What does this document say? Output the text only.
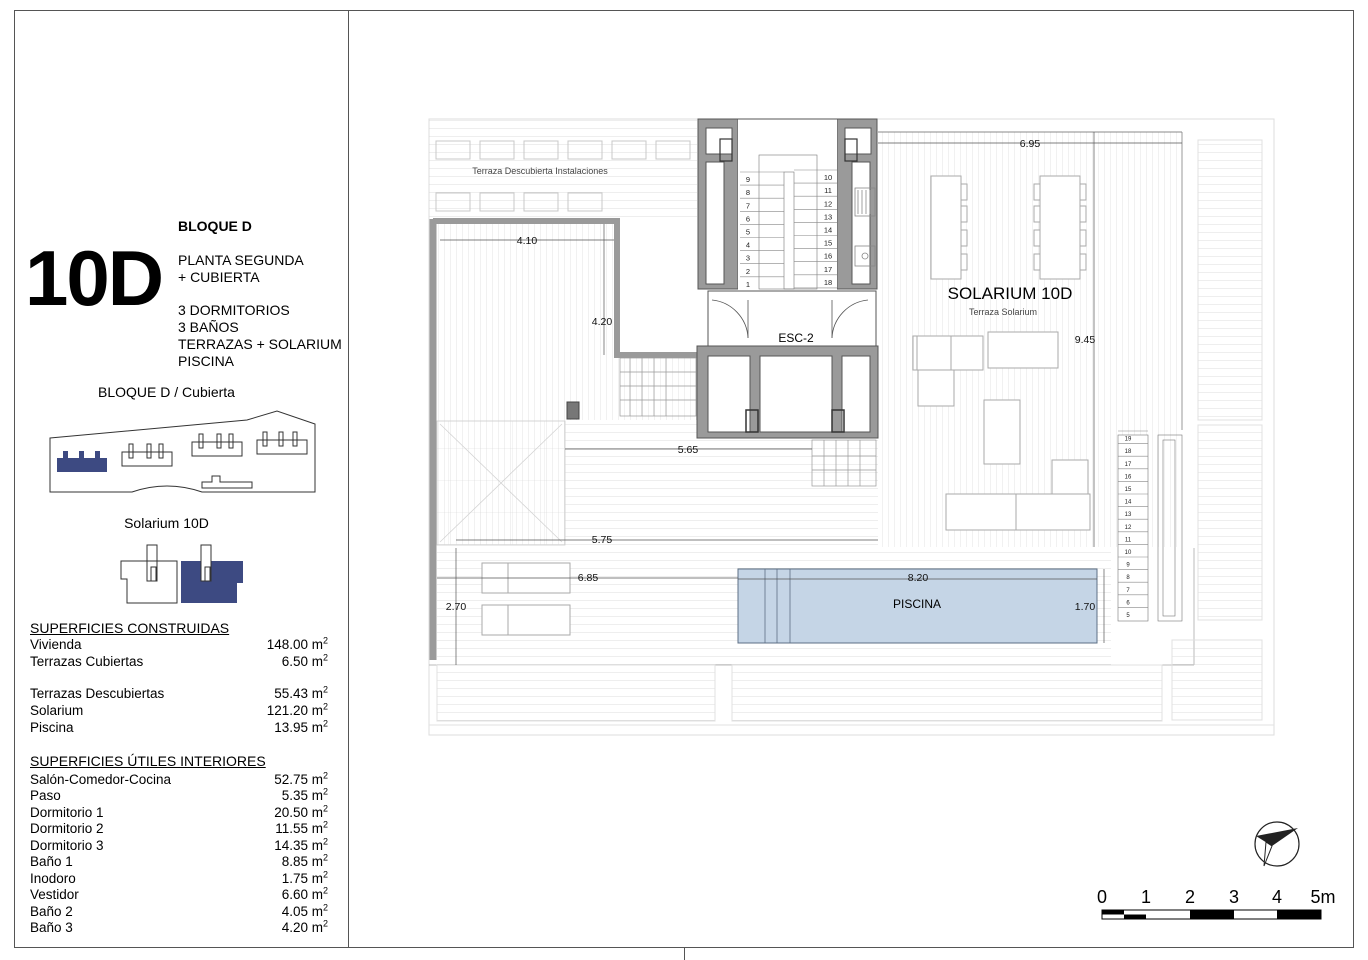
BLOQUE D
10D PLANTA SEGUNDA
+ CUBIERTA
3 DORMITORIOS
3 BAÑOS
TERRAZAS + SOLARIUM
PISCINA
BLOQUE D / Cubierta
Solarium 10D
SUPERFICIES CONSTRUIDAS
Vivienda	148.00 $m^2$
Terrazas Cubiertas	6.50 $m^2$
Terrazas Descubiertas	55.43 $m^2$
Solarium	121.20 $m^2$
Piscina	13.95 $m^2$
SUPERFICIES ÚTILES INTERIORES
Salón-Comedor-Cocina	52.75 $m^2$
Paso	5.35 $m^2$
Dormitorio 1	20.50 $m^2$
Dormitorio 2	11.55 $m^2$
Dormitorio 3	14.35 $m^2$
Baño 1	8.85 $m^2$
Inodoro	1.75 $m^2$
Vestidor	6.60 $m^2$
Baño 2	4.05 $m^2$
Baño 3	4.20 $m^2$
Terraza Descubierta Instalaciones
9
8
7
6
5
4
3
2
1
10
11
12
13
14
15
16
17
18
ESC-2
19
18
17
16
15
14
13
12
11
10
9
8
7
6
5
PISCINA
6.95
4.10
4.20
9.45
5.65
5.75
6.85	8.20
2.70	1.70
SOLARIUM 10D
Terraza Solarium
0 1 2 3 4 5m
